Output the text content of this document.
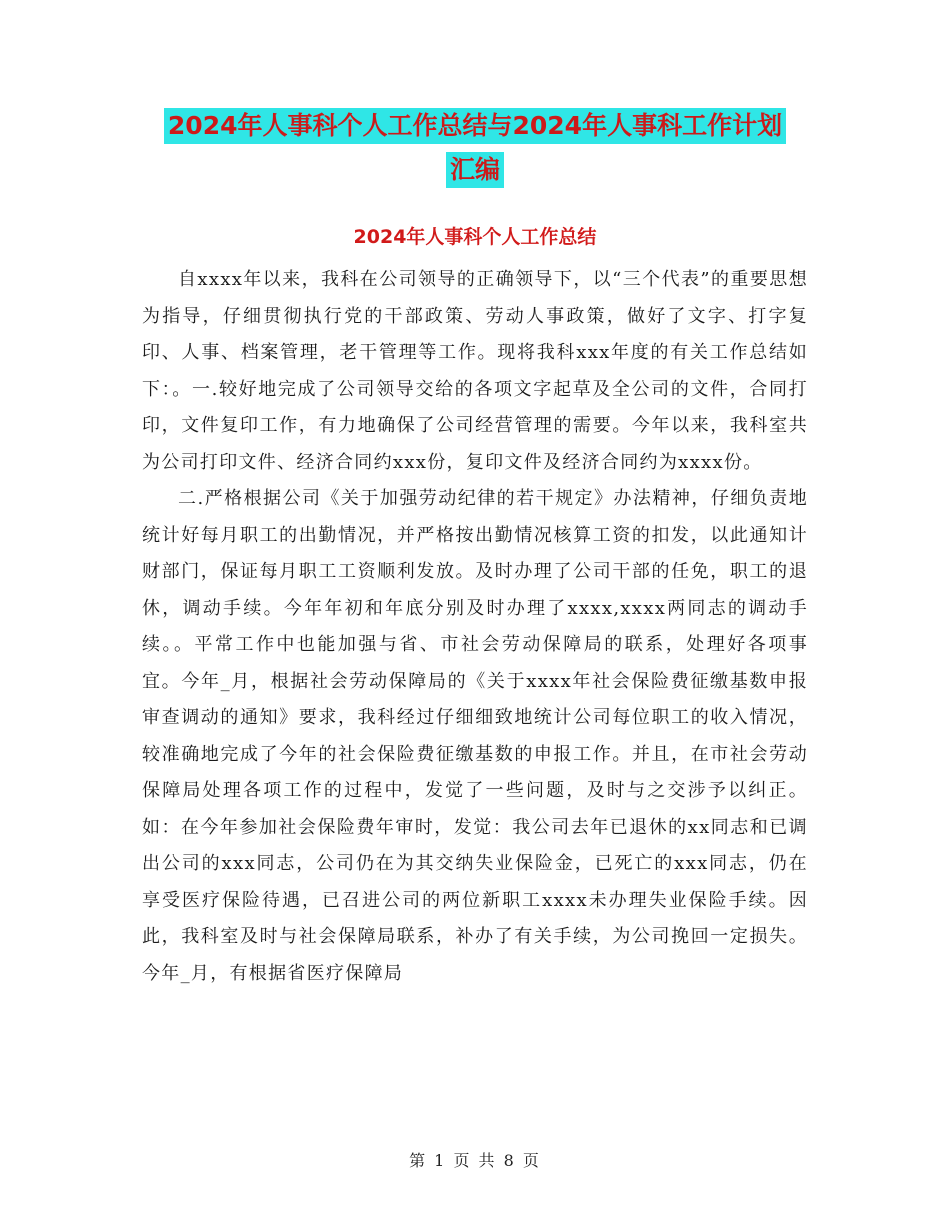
2024年人事科个人工作总结与2024年人事科工作计划
汇编
2024年人事科个人工作总结

自xxxx年以来，我科在公司领导的正确领导下，以“三个代表”的重要思想为指导，仔细贯彻执行党的干部政策、劳动人事政策，做好了文字、打字复印、人事、档案管理，老干管理等工作。现将我科xxx年度的有关工作总结如下：。一.较好地完成了公司领导交给的各项文字起草及全公司的文件，合同打印，文件复印工作，有力地确保了公司经营管理的需要。今年以来，我科室共为公司打印文件、经济合同约xxx份，复印文件及经济合同约为xxxx份。

二.严格根据公司《关于加强劳动纪律的若干规定》办法精神，仔细负责地统计好每月职工的出勤情况，并严格按出勤情况核算工资的扣发，以此通知计财部门，保证每月职工工资顺利发放。及时办理了公司干部的任免，职工的退休，调动手续。今年年初和年底分别及时办理了xxxx,xxxx两同志的调动手续。。平常工作中也能加强与省、市社会劳动保障局的联系，处理好各项事宜。今年_月，根据社会劳动保障局的《关于xxxx年社会保险费征缴基数申报审查调动的通知》要求，我科经过仔细细致地统计公司每位职工的收入情况，较准确地完成了今年的社会保险费征缴基数的申报工作。并且，在市社会劳动保障局处理各项工作的过程中，发觉了一些问题，及时与之交涉予以纠正。如：在今年参加社会保险费年审时，发觉：我公司去年已退休的xx同志和已调出公司的xxx同志，公司仍在为其交纳失业保险金，已死亡的xxx同志，仍在享受医疗保险待遇，已召进公司的两位新职工xxxx未办理失业保险手续。因此，我科室及时与社会保障局联系，补办了有关手续，为公司挽回一定损失。今年_月，有根据省医疗保障局

第 1 页 共 8 页
